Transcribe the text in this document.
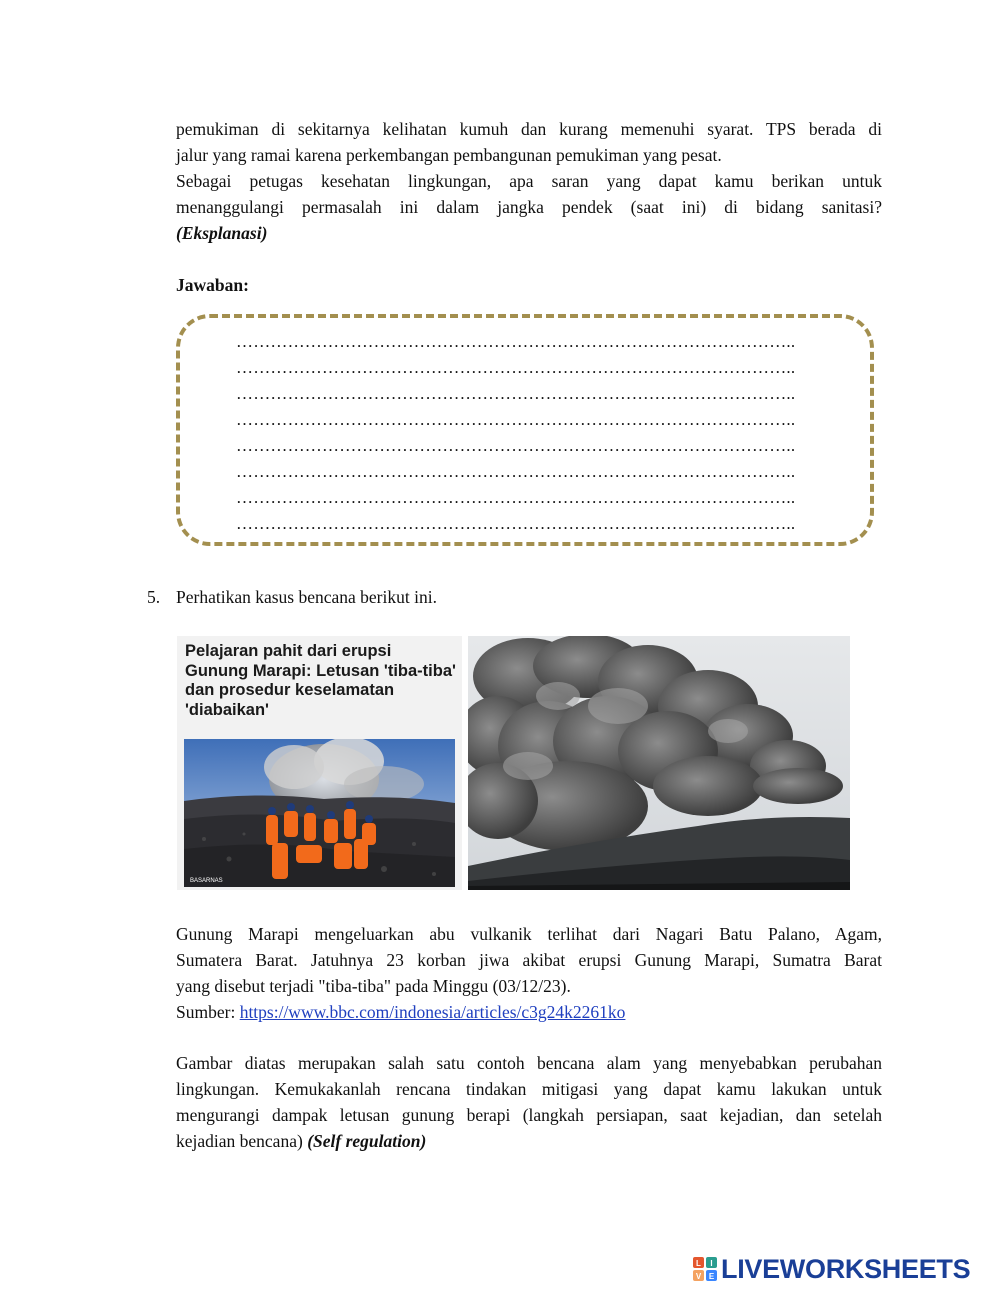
pemukiman di sekitarnya kelihatan kumuh dan kurang memenuhi syarat. TPS berada di
jalur yang ramai karena perkembangan pembangunan pemukiman yang pesat.
Sebagai petugas kesehatan lingkungan, apa saran yang dapat kamu berikan untuk
menanggulangi permasalah ini dalam jangka pendek (saat ini) di bidang sanitasi?
(Eksplanasi)
Jawaban:
……………………………………………………………………………………..
……………………………………………………………………………………..
……………………………………………………………………………………..
……………………………………………………………………………………..
……………………………………………………………………………………..
……………………………………………………………………………………..
……………………………………………………………………………………..
……………………………………………………………………………………..
5. Perhatikan kasus bencana berikut ini.
Pelajaran pahit dari erupsi Gunung Marapi: Letusan 'tiba-tiba' dan prosedur keselamatan 'diabaikan'
BASARNAS
Gunung Marapi mengeluarkan abu vulkanik terlihat dari Nagari Batu Palano, Agam,
Sumatera Barat. Jatuhnya 23 korban jiwa akibat erupsi Gunung Marapi, Sumatra Barat
yang disebut terjadi "tiba-tiba" pada Minggu (03/12/23).
Sumber: https://www.bbc.com/indonesia/articles/c3g24k2261ko
Gambar diatas merupakan salah satu contoh bencana alam yang menyebabkan perubahan
lingkungan. Kemukakanlah rencana tindakan mitigasi yang dapat kamu lakukan untuk
mengurangi dampak letusan gunung berapi (langkah persiapan, saat kejadian, dan setelah
kejadian bencana) (Self regulation)
L I
V E LIVEWORKSHEETS
